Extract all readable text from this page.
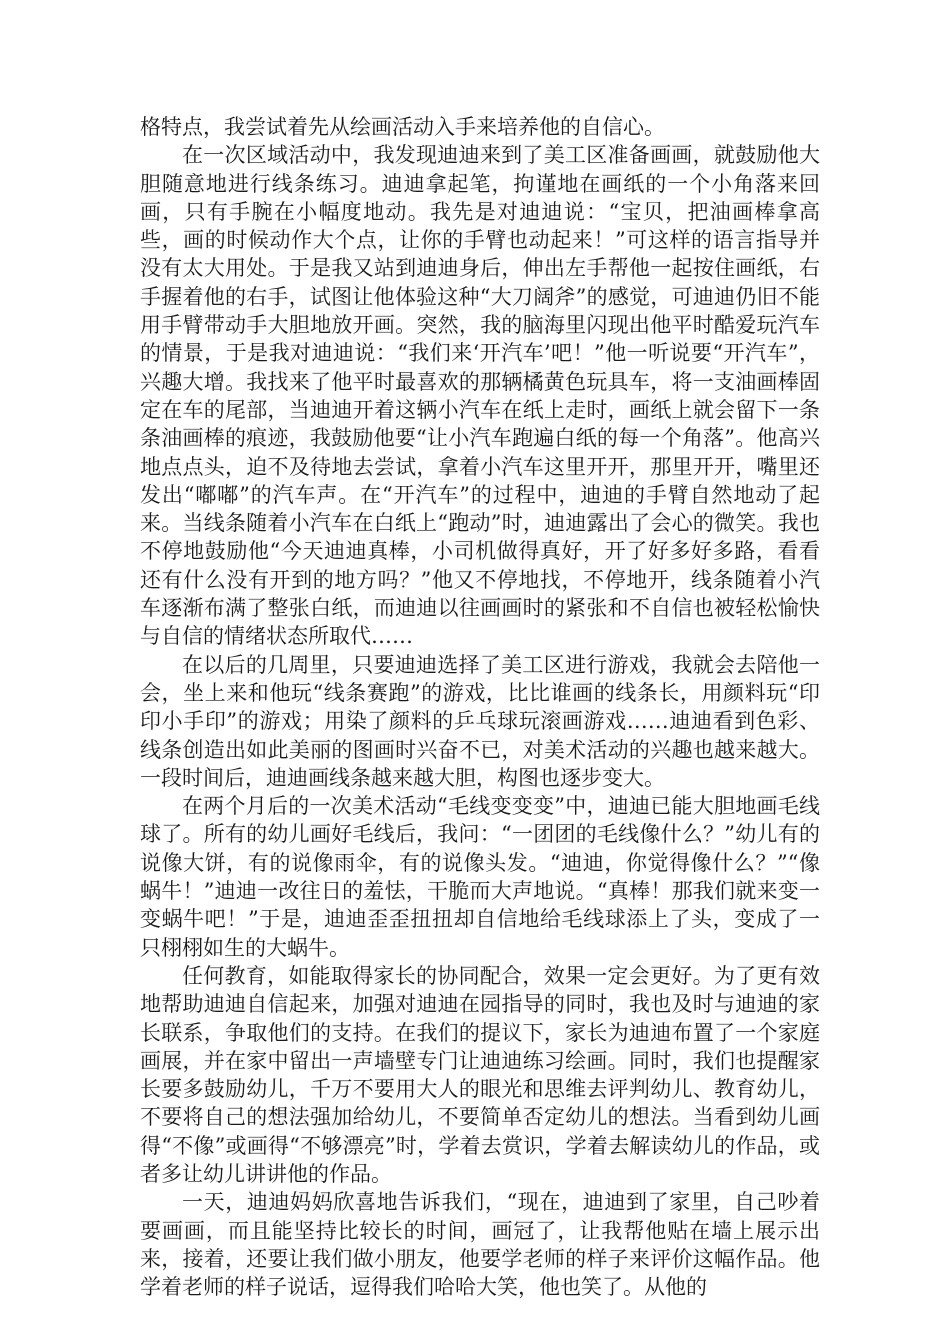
格特点，我尝试着先从绘画活动入手来培养他的自信心。

在一次区域活动中，我发现迪迪来到了美工区准备画画，就鼓励他大胆随意地进行线条练习。迪迪拿起笔，拘谨地在画纸的一个小角落来回画，只有手腕在小幅度地动。我先是对迪迪说：“宝贝，把油画棒拿高些，画的时候动作大个点，让你的手臂也动起来！”可这样的语言指导并没有太大用处。于是我又站到迪迪身后，伸出左手帮他一起按住画纸，右手握着他的右手，试图让他体验这种“大刀阔斧”的感觉，可迪迪仍旧不能用手臂带动手大胆地放开画。突然，我的脑海里闪现出他平时酷爱玩汽车的情景，于是我对迪迪说：“我们来‘开汽车’吧！”他一听说要“开汽车”，兴趣大增。我找来了他平时最喜欢的那辆橘黄色玩具车，将一支油画棒固定在车的尾部，当迪迪开着这辆小汽车在纸上走时，画纸上就会留下一条条油画棒的痕迹，我鼓励他要“让小汽车跑遍白纸的每一个角落”。他高兴地点点头，迫不及待地去尝试，拿着小汽车这里开开，那里开开，嘴里还发出“嘟嘟”的汽车声。在“开汽车”的过程中，迪迪的手臂自然地动了起来。当线条随着小汽车在白纸上“跑动”时，迪迪露出了会心的微笑。我也不停地鼓励他“今天迪迪真棒，小司机做得真好，开了好多好多路，看看还有什么没有开到的地方吗？”他又不停地找，不停地开，线条随着小汽车逐渐布满了整张白纸，而迪迪以往画画时的紧张和不自信也被轻松愉快与自信的情绪状态所取代……

在以后的几周里，只要迪迪选择了美工区进行游戏，我就会去陪他一会，坐上来和他玩“线条赛跑”的游戏，比比谁画的线条长，用颜料玩“印印小手印”的游戏；用染了颜料的乒乓球玩滚画游戏……迪迪看到色彩、线条创造出如此美丽的图画时兴奋不已，对美术活动的兴趣也越来越大。一段时间后，迪迪画线条越来越大胆，构图也逐步变大。

在两个月后的一次美术活动“毛线变变变”中，迪迪已能大胆地画毛线球了。所有的幼儿画好毛线后，我问：“一团团的毛线像什么？”幼儿有的说像大饼，有的说像雨伞，有的说像头发。“迪迪，你觉得像什么？”“像蜗牛！”迪迪一改往日的羞怯，干脆而大声地说。“真棒！那我们就来变一变蜗牛吧！”于是，迪迪歪歪扭扭却自信地给毛线球添上了头，变成了一只栩栩如生的大蜗牛。

任何教育，如能取得家长的协同配合，效果一定会更好。为了更有效地帮助迪迪自信起来，加强对迪迪在园指导的同时，我也及时与迪迪的家长联系，争取他们的支持。在我们的提议下，家长为迪迪布置了一个家庭画展，并在家中留出一声墙壁专门让迪迪练习绘画。同时，我们也提醒家长要多鼓励幼儿，千万不要用大人的眼光和思维去评判幼儿、教育幼儿，不要将自己的想法强加给幼儿，不要简单否定幼儿的想法。当看到幼儿画得“不像”或画得“不够漂亮”时，学着去赏识，学着去解读幼儿的作品，或者多让幼儿讲讲他的作品。

一天，迪迪妈妈欣喜地告诉我们，“现在，迪迪到了家里，自己吵着要画画，而且能坚持比较长的时间，画冠了，让我帮他贴在墙上展示出来，接着，还要让我们做小朋友，他要学老师的样子来评价这幅作品。他学着老师的样子说话，逗得我们哈哈大笑，他也笑了。从他的
